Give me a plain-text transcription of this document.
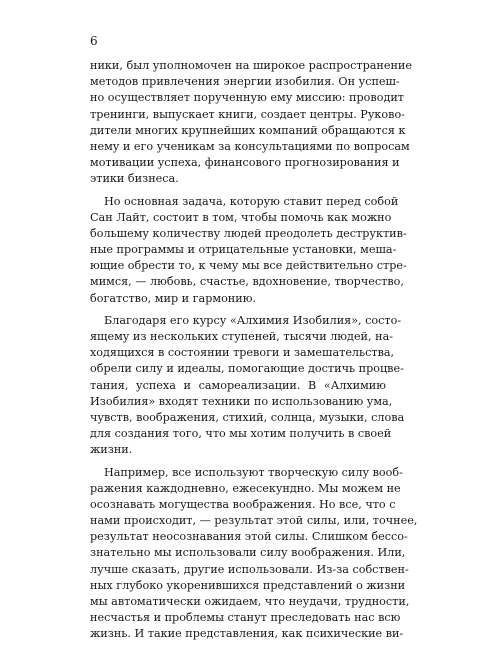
6
ники, был уполномочен на широкое распространение
методов привлечения энергии изобилия. Он успеш-
но осуществляет порученную ему миссию: проводит
тренинги, выпускает книги, создает центры. Руково-
дители многих крупнейших компаний обращаются к
нему и его ученикам за консультациями по вопросам
мотивации успеха, финансового прогнозирования и
этики бизнеса.
Но основная задача, которую ставит перед собой
Сан Лайт, состоит в том, чтобы помочь как можно
большему количеству людей преодолеть деструктив-
ные программы и отрицательные установки, меша-
ющие обрести то, к чему мы все действительно стре-
мимся, — любовь, счастье, вдохновение, творчество,
богатство, мир и гармонию.
Благодаря его курсу «Алхимия Изобилия», состо-
ящему из нескольких ступеней, тысячи людей, на-
ходящихся в состоянии тревоги и замешательства,
обрели силу и идеалы, помогающие достичь процве-
тания, успеха и самореализации. В «Алхимию
Изобилия» входят техники по использованию ума,
чувств, воображения, стихий, солнца, музыки, слова
для создания того, что мы хотим получить в своей
жизни.
Например, все используют творческую силу вооб-
ражения каждодневно, ежесекундно. Мы можем не
осознавать могущества воображения. Но все, что с
нами происходит, — результат этой силы, или, точнее,
результат неосознавания этой силы. Слишком бессо-
знательно мы использовали силу воображения. Или,
лучше сказать, другие использовали. Из-за собствен-
ных глубоко укоренившихся представлений о жизни
мы автоматически ожидаем, что неудачи, трудности,
несчастья и проблемы станут преследовать нас всю
жизнь. И такие представления, как психические ви-
